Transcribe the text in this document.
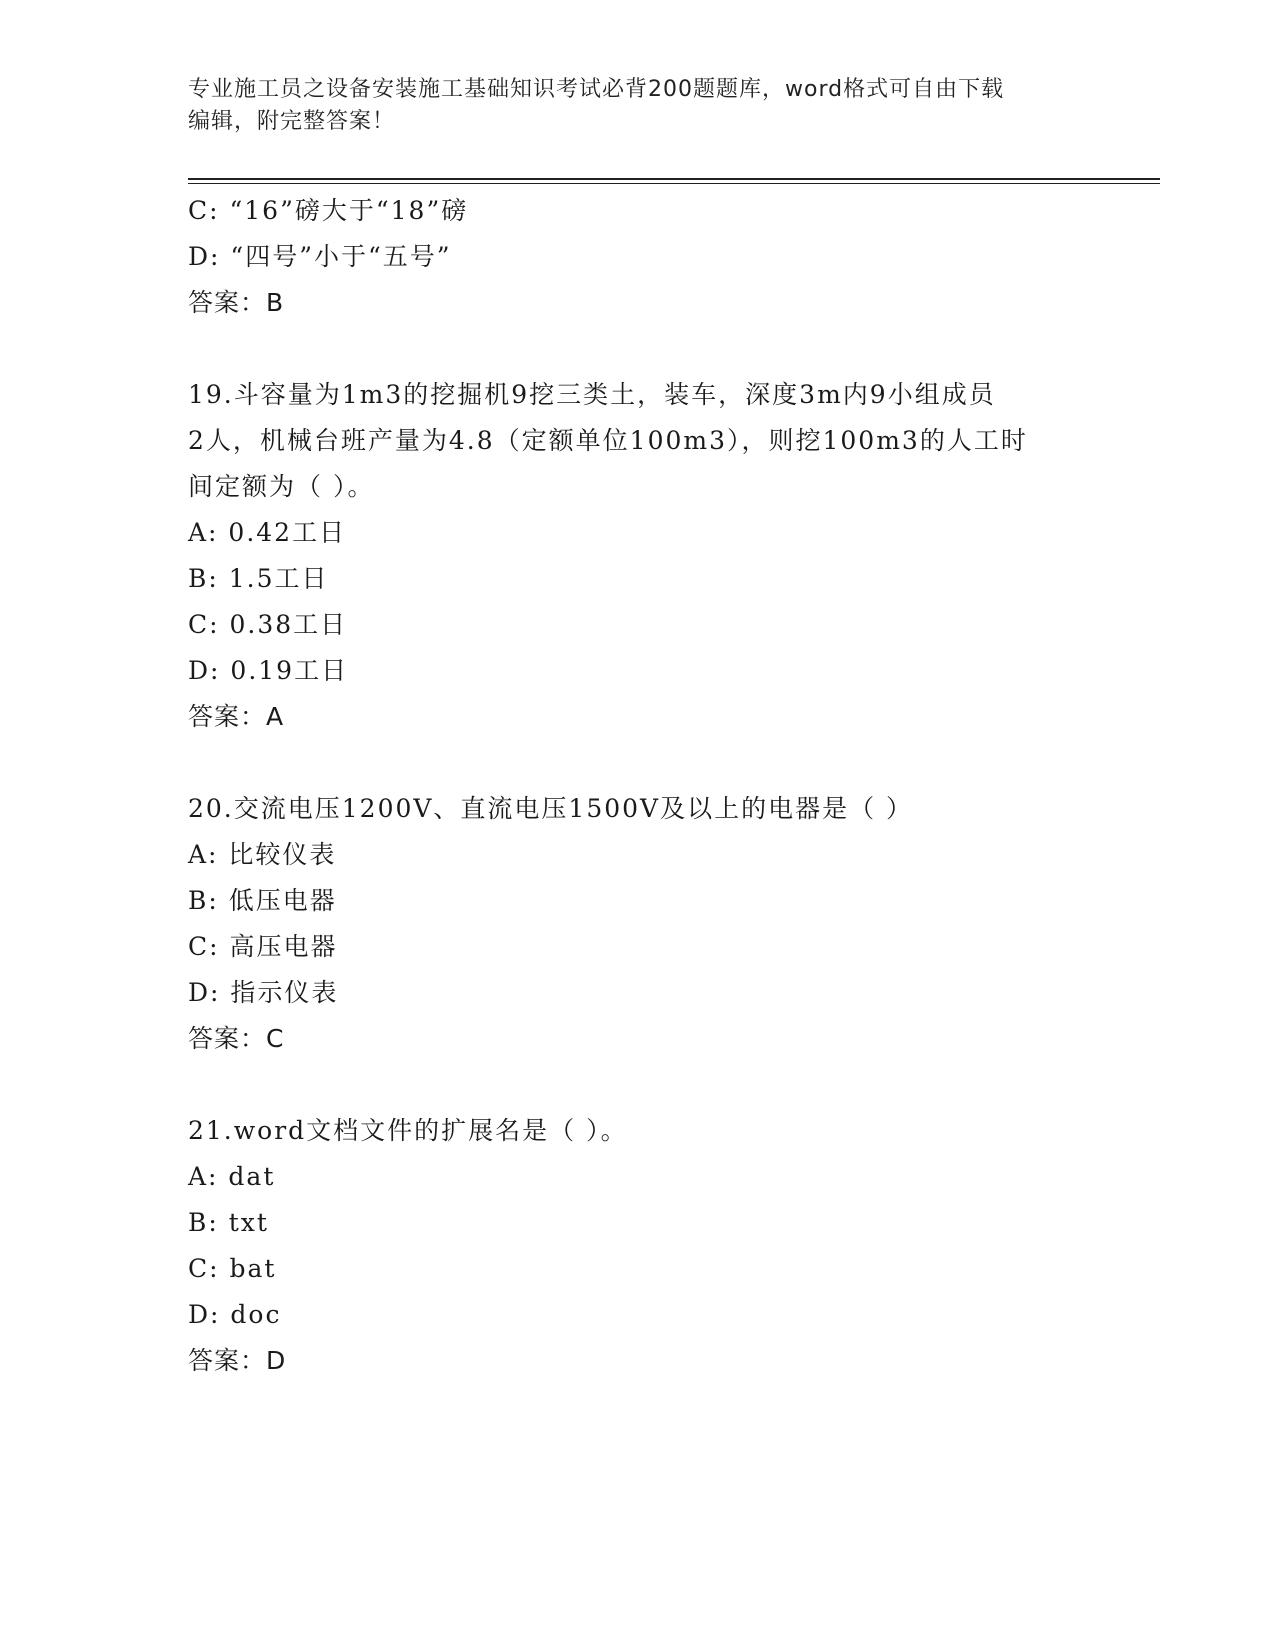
专业施工员之设备安装施工基础知识考试必背200题题库，word格式可自由下载
编辑，附完整答案！
C: “16”磅大于“18”磅
D: “四号”小于“五号”
答案：B
19.斗容量为1m3的挖掘机9挖三类土，装车，深度3m内9小组成员
2人，机械台班产量为4.8（定额单位100m3），则挖100m3的人工时
间定额为（ ）。
A: 0.42工日
B: 1.5工日
C: 0.38工日
D: 0.19工日
答案：A
20.交流电压1200V、直流电压1500V及以上的电器是（ ）
A: 比较仪表
B: 低压电器
C: 高压电器
D: 指示仪表
答案：C
21.word文档文件的扩展名是（ ）。
A: dat
B: txt
C: bat
D: doc
答案：D
